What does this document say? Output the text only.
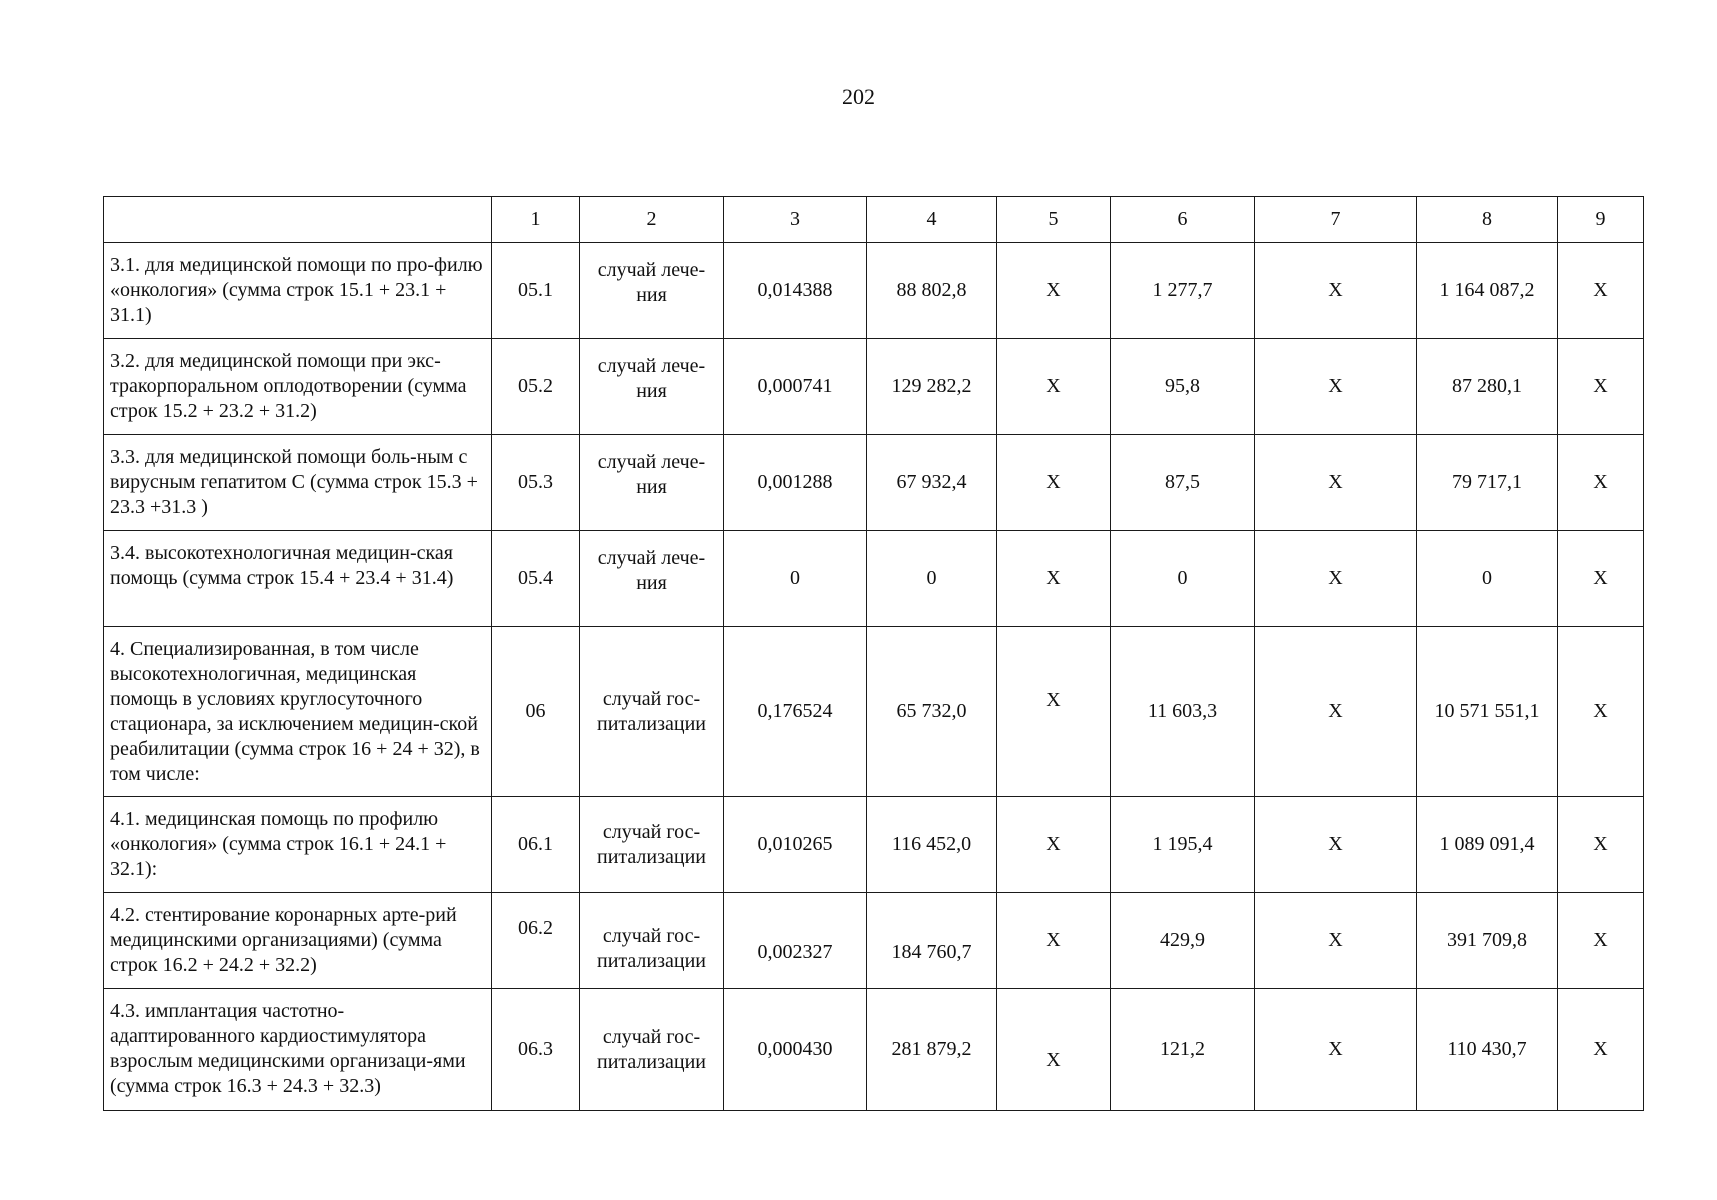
202
	1	2	3	4	5	6	7	8	9
3.1. для медицинской помощи по про-филю «онкология» (сумма строк 15.1 + 23.1 + 31.1)	05.1	случай лече-ния	0,014388	88 802,8	X	1 277,7	X	1 164 087,2	X
3.2. для медицинской помощи при экс-тракорпоральном оплодотворении (сумма строк 15.2 + 23.2 + 31.2)	05.2	случай лече-ния	0,000741	129 282,2	X	95,8	X	87 280,1	X
3.3. для медицинской помощи боль-ным с вирусным гепатитом С (сумма строк 15.3 + 23.3 +31.3 )	05.3	случай лече-ния	0,001288	67 932,4	X	87,5	X	79 717,1	X
3.4. высокотехнологичная медицин-ская помощь (сумма строк 15.4 + 23.4 + 31.4)	05.4	случай лече-ния	0	0	X	0	X	0	X
4. Специализированная, в том числе высокотехнологичная, медицинская помощь в условиях круглосуточного стационара, за исключением медицин-ской реабилитации (сумма строк 16 + 24 + 32), в том числе:	06	случай гос-питализации	0,176524	65 732,0	X	11 603,3	X	10 571 551,1	X
4.1. медицинская помощь по профилю «онкология» (сумма строк 16.1 + 24.1 + 32.1):	06.1	случай гос-питализации	0,010265	116 452,0	X	1 195,4	X	1 089 091,4	X
4.2. стентирование коронарных арте-рий медицинскими организациями) (сумма строк 16.2 + 24.2 + 32.2)	06.2	случай гос-питализации	0,002327	184 760,7	X	429,9	X	391 709,8	X
4.3. имплантация частотно-адаптированного кардиостимулятора взрослым медицинскими организаци-ями (сумма строк 16.3 + 24.3 + 32.3)	06.3	случай гос-питализации	0,000430	281 879,2	X	121,2	X	110 430,7	X
